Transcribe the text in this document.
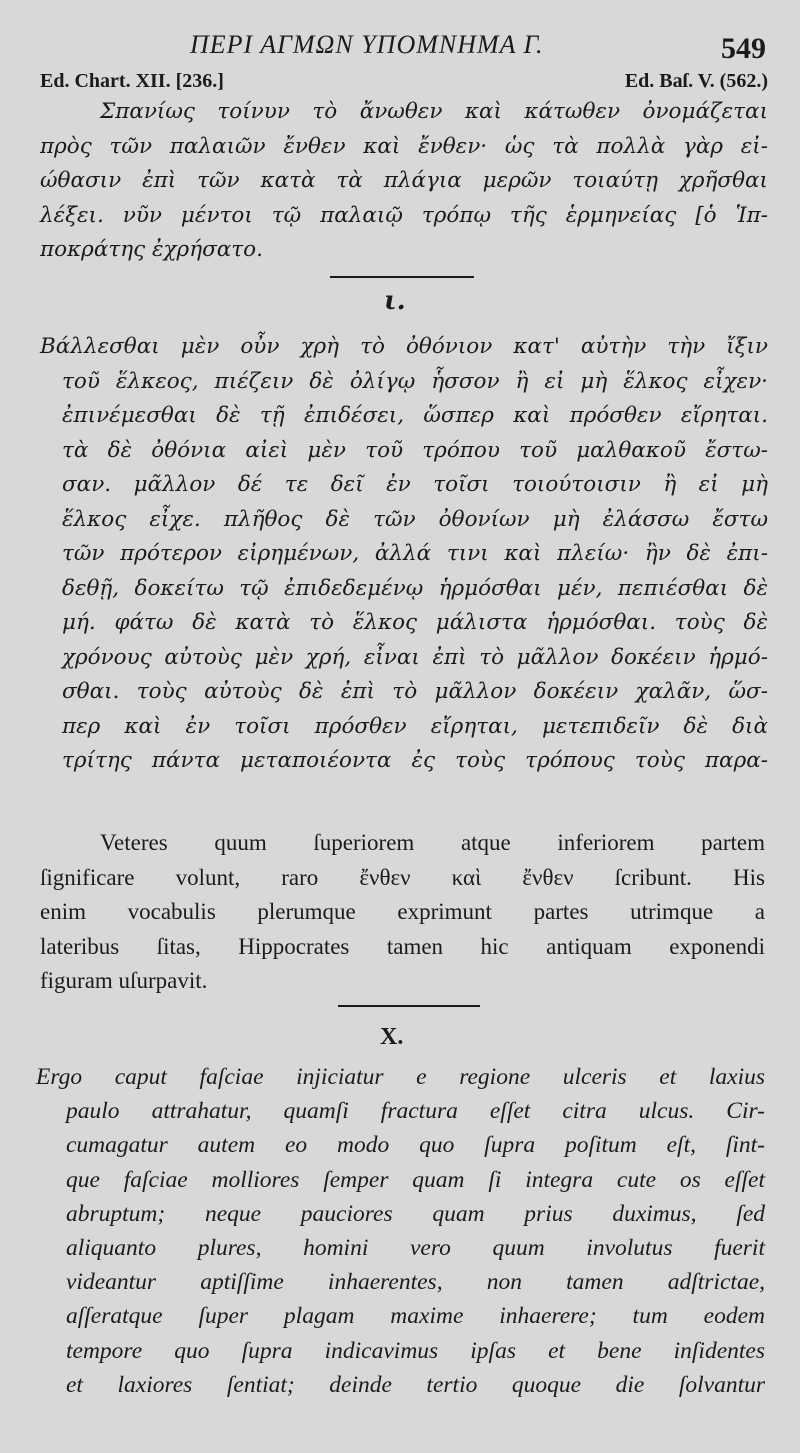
ΠΕΡΙ ΑΓΜΩΝ ΥΠΟΜΝΗΜΑ Γ.	549
Ed. Chart. XII. [236.]	Ed. Baſ. V. (562.)
Σπανίως τοίνυν τὸ ἄνωθεν καὶ κάτωθεν ὀνομάζεται
πρὸς τῶν παλαιῶν ἔνθεν καὶ ἔνθεν· ὡς τὰ πολλὰ γὰρ εἰ-
ώθασιν ἐπὶ τῶν κατὰ τὰ πλάγια μερῶν τοιαύτῃ χρῆσθαι
λέξει. νῦν μέντοι τῷ παλαιῷ τρόπῳ τῆς ἑρμηνείας [ὁ Ἱπ-
ποκράτης ἐχρήσατο.
ι.
Βάλλεσθαι μὲν οὖν χρὴ τὸ ὀθόνιον κατ' αὐτὴν τὴν ἴξιν
τοῦ ἕλκεος, πιέζειν δὲ ὀλίγῳ ἧσσον ἢ εἰ μὴ ἕλκος εἶχεν·
ἐπινέμεσθαι δὲ τῇ ἐπιδέσει, ὥσπερ καὶ πρόσθεν εἴρηται.
τὰ δὲ ὀθόνια αἰεὶ μὲν τοῦ τρόπου τοῦ μαλθακοῦ ἔστω-
σαν. μᾶλλον δέ τε δεῖ ἐν τοῖσι τοιούτοισιν ἢ εἰ μὴ
ἕλκος εἶχε. πλῆθος δὲ τῶν ὀθονίων μὴ ἐλάσσω ἔστω
τῶν πρότερον εἰρημένων, ἀλλά τινι καὶ πλείω· ἢν δὲ ἐπι-
δεθῇ, δοκείτω τῷ ἐπιδεδεμένῳ ἡρμόσθαι μέν, πεπιέσθαι δὲ
μή. φάτω δὲ κατὰ τὸ ἕλκος μάλιστα ἡρμόσθαι. τοὺς δὲ
χρόνους αὐτοὺς μὲν χρή, εἶναι ἐπὶ τὸ μᾶλλον δοκέειν ἡρμό-
σθαι. τοὺς αὐτοὺς δὲ ἐπὶ τὸ μᾶλλον δοκέειν χαλᾶν, ὥσ-
περ καὶ ἐν τοῖσι πρόσθεν εἴρηται, μετεπιδεῖν δὲ διὰ
τρίτης πάντα μεταποιέοντα ἐς τοὺς τρόπους τοὺς παρα-
Veteres quum ſuperiorem atque inferiorem partem
ſignificare volunt, raro ἔνθεν καὶ ἔνθεν ſcribunt. His
enim vocabulis plerumque exprimunt partes utrimque a
lateribus ſitas, Hippocrates tamen hic antiquam exponendi
figuram uſurpavit.
X.
Ergo caput faſciae injiciatur e regione ulceris et laxius
paulo attrahatur, quamſi fractura eſſet citra ulcus. Cir-
cumagatur autem eo modo quo ſupra poſitum eſt, ſint-
que faſciae molliores ſemper quam ſi integra cute os eſſet
abruptum; neque pauciores quam prius duximus, ſed
aliquanto plures, homini vero quum involutus fuerit
videantur aptiſſime inhaerentes, non tamen adſtrictae,
aſſeratque ſuper plagam maxime inhaerere; tum eodem
tempore quo ſupra indicavimus ipſas et bene inſidentes
et laxiores ſentiat; deinde tertio quoque die ſolvantur
